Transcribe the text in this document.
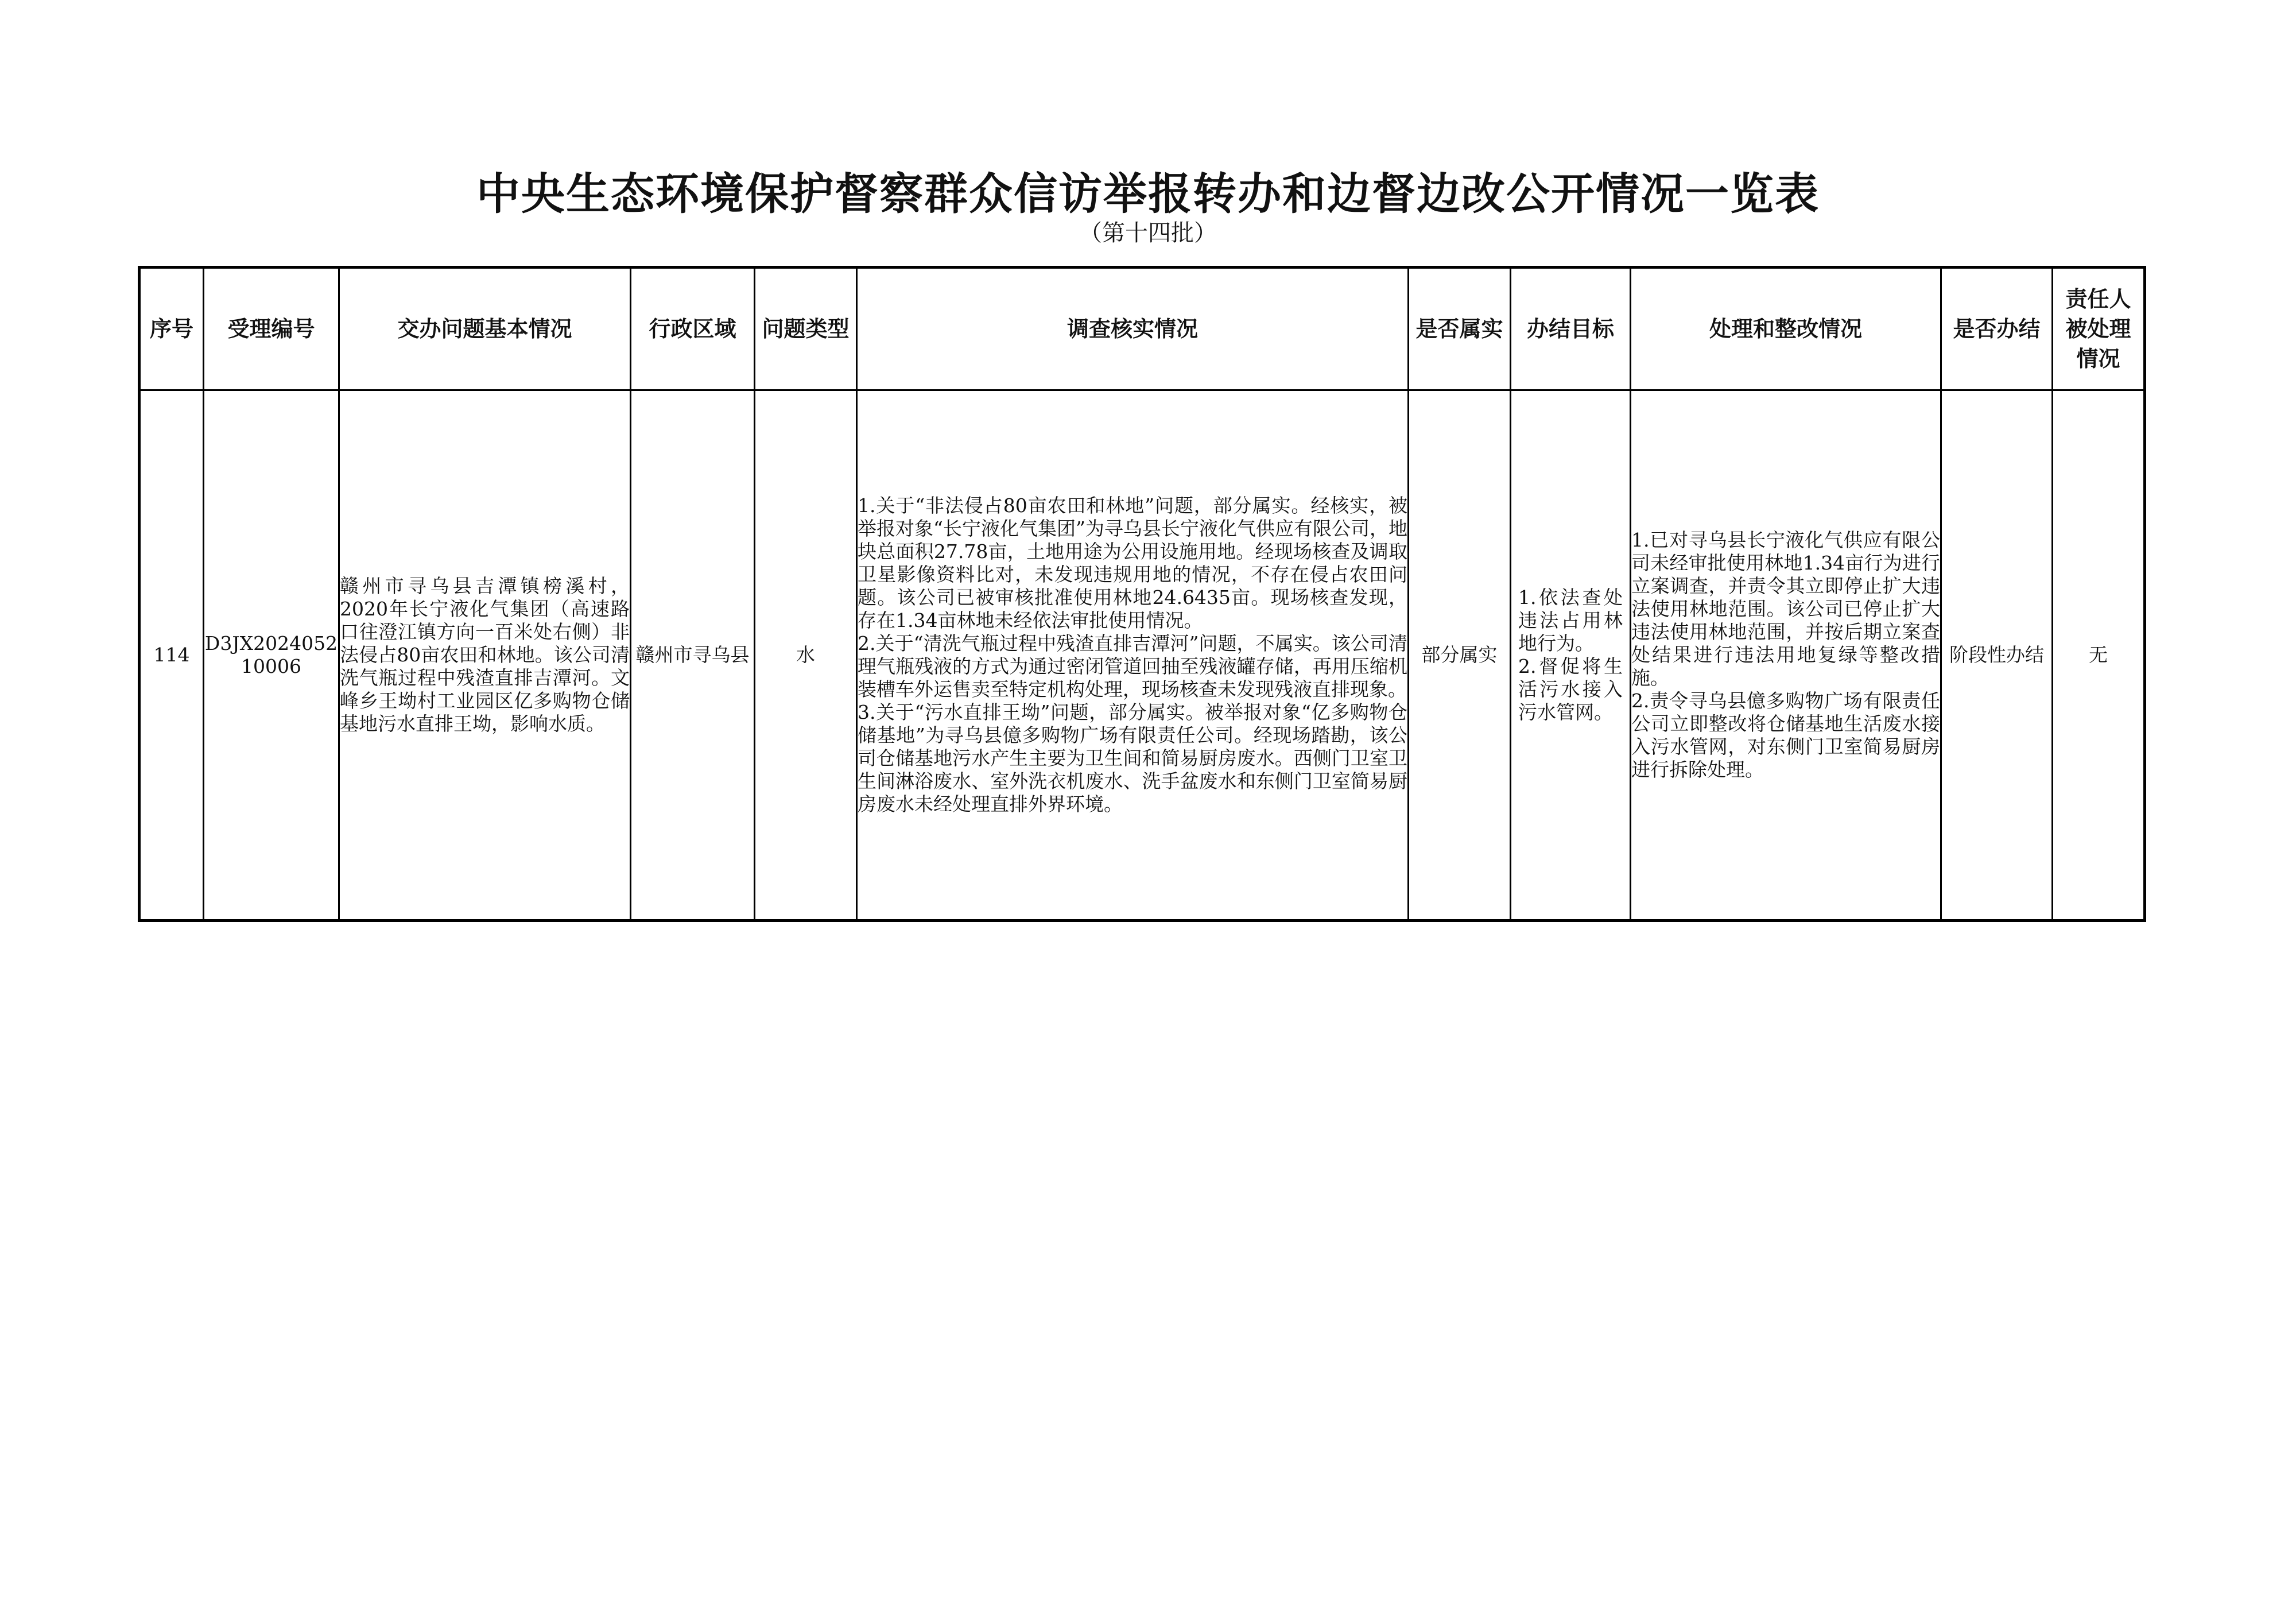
中央生态环境保护督察群众信访举报转办和边督边改公开情况一览表
（第十四批）
序号	受理编号	交办问题基本情况	行政区域	问题类型	调查核实情况	是否属实	办结目标	处理和整改情况	是否办结	责任人被处理情况
114	D3JX202405210006	赣州市寻乌县吉潭镇榜溪村，2020年长宁液化气集团（高速路口往澄江镇方向一百米处右侧）非法侵占80亩农田和林地。该公司清洗气瓶过程中残渣直排吉潭河。文峰乡王坳村工业园区亿多购物仓储基地污水直排王坳，影响水质。	赣州市寻乌县	水	1.关于“非法侵占80亩农田和林地”问题，部分属实。经核实，被举报对象“长宁液化气集团”为寻乌县长宁液化气供应有限公司，地块总面积27.78亩，土地用途为公用设施用地。经现场核查及调取卫星影像资料比对，未发现违规用地的情况，不存在侵占农田问题。该公司已被审核批准使用林地24.6435亩。现场核查发现，存在1.34亩林地未经依法审批使用情况。
2.关于“清洗气瓶过程中残渣直排吉潭河”问题，不属实。该公司清理气瓶残液的方式为通过密闭管道回抽至残液罐存储，再用压缩机装槽车外运售卖至特定机构处理，现场核查未发现残液直排现象。
3.关于“污水直排王坳”问题，部分属实。被举报对象“亿多购物仓储基地”为寻乌县億多购物广场有限责任公司。经现场踏勘，该公司仓储基地污水产生主要为卫生间和简易厨房废水。西侧门卫室卫生间淋浴废水、室外洗衣机废水、洗手盆废水和东侧门卫室简易厨房废水未经处理直排外界环境。	部分属实	1.依法查处违法占用林地行为。
2.督促将生活污水接入污水管网。	1.已对寻乌县长宁液化气供应有限公司未经审批使用林地1.34亩行为进行立案调查，并责令其立即停止扩大违法使用林地范围。该公司已停止扩大违法使用林地范围，并按后期立案查处结果进行违法用地复绿等整改措施。
2.责令寻乌县億多购物广场有限责任公司立即整改将仓储基地生活废水接入污水管网，对东侧门卫室简易厨房进行拆除处理。	阶段性办结	无
